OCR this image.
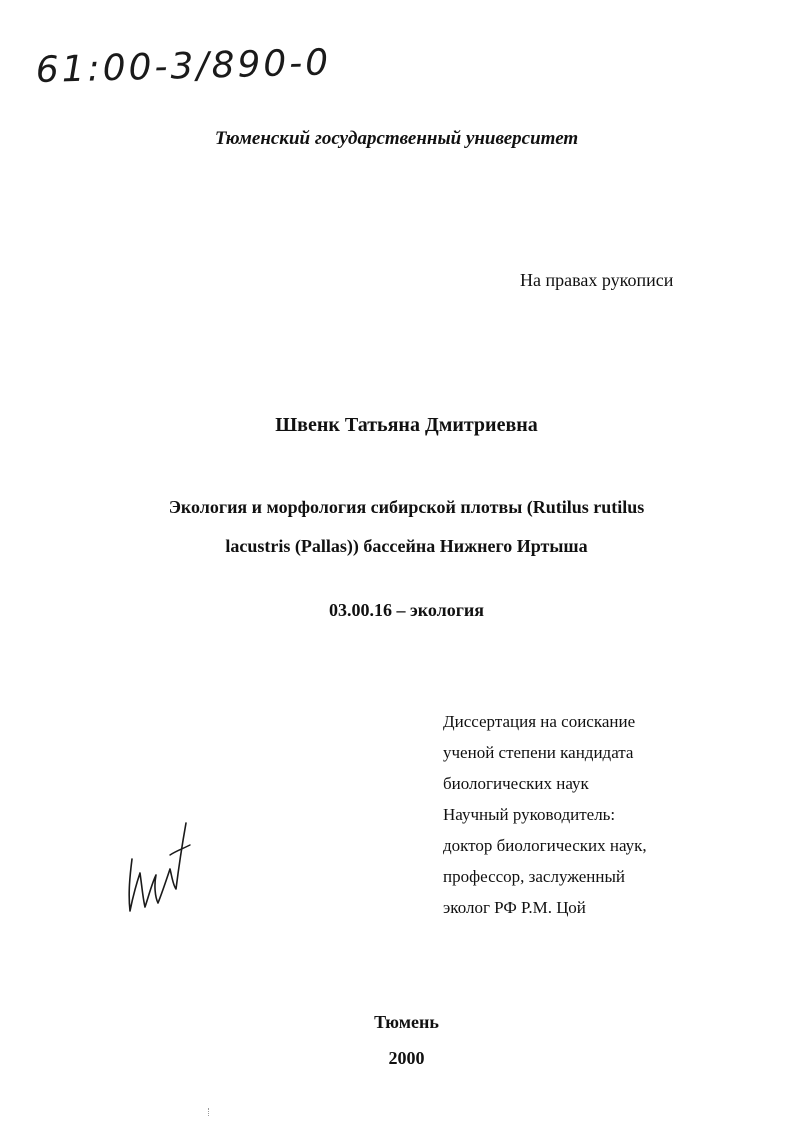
61:00-3/890-0
Тюменский государственный университет
На правах рукописи
Швенк Татьяна Дмитриевна
Экология и морфология сибирской плотвы (Rutilus rutilus
lacustris (Pallas)) бассейна Нижнего Иртыша
03.00.16 – экология
Диссертация на соискание
ученой степени кандидата
биологических наук
Научный руководитель:
доктор биологических наук,
профессор, заслуженный
эколог РФ Р.М. Цой
Тюмень
2000
